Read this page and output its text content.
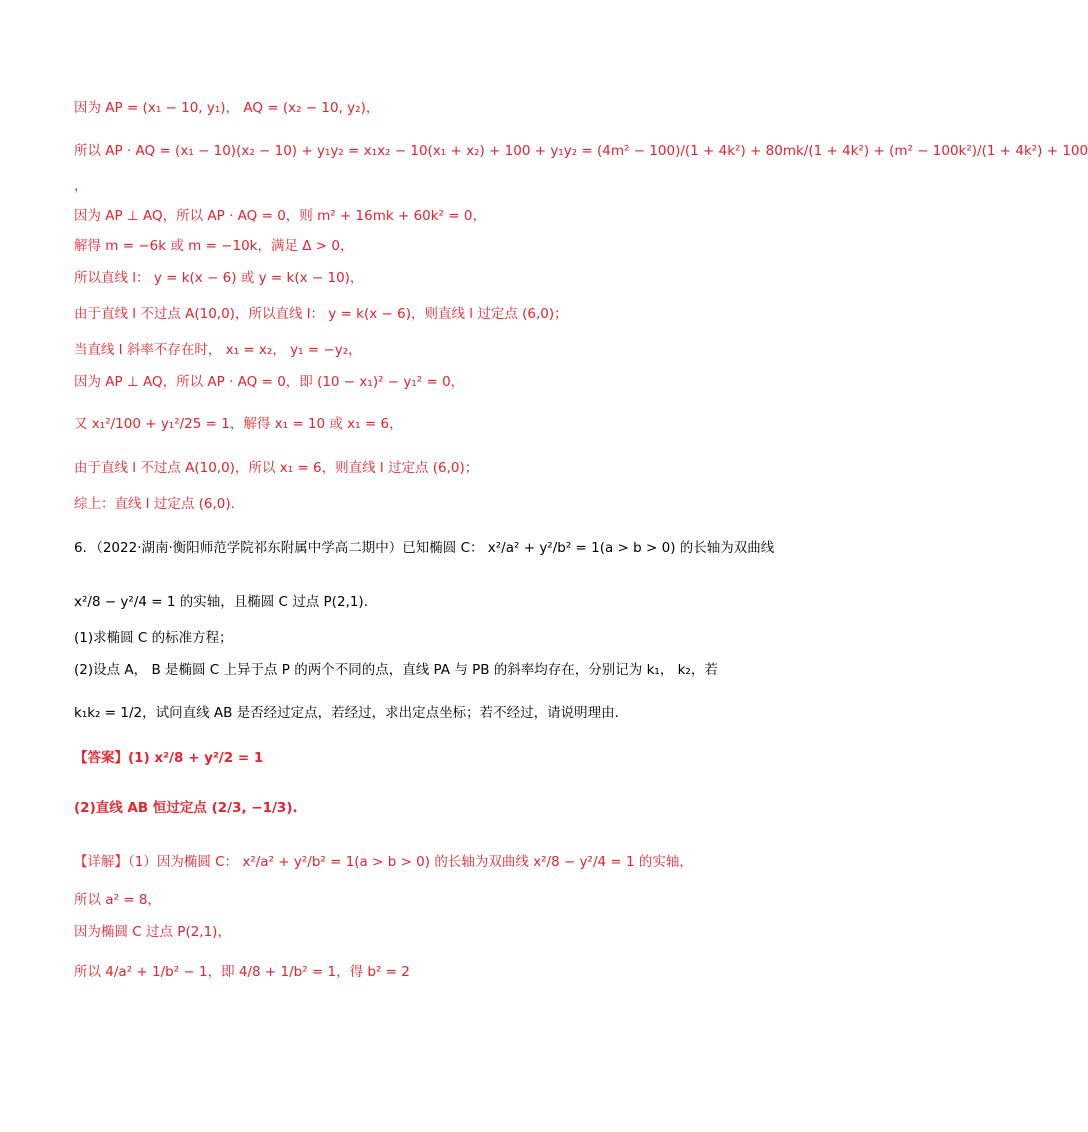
因为 AP = (x₁ − 10, y₁)， AQ = (x₂ − 10, y₂)，
所以 AP · AQ = (x₁ − 10)(x₂ − 10) + y₁y₂ = x₁x₂ − 10(x₁ + x₂) + 100 + y₁y₂ = (4m² − 100)/(1 + 4k²) + 80mk/(1 + 4k²) + (m² − 100k²)/(1 + 4k²) + 100
，
因为 AP ⊥ AQ，所以 AP · AQ = 0，则 m² + 16mk + 60k² = 0，
解得 m = −6k 或 m = −10k，满足 Δ > 0，
所以直线 l： y = k(x − 6) 或 y = k(x − 10)，
由于直线 l 不过点 A(10,0)，所以直线 l： y = k(x − 6)，则直线 l 过定点 (6,0)；
当直线 l 斜率不存在时， x₁ = x₂， y₁ = −y₂，
因为 AP ⊥ AQ，所以 AP · AQ = 0，即 (10 − x₁)² − y₁² = 0，
又 x₁²/100 + y₁²/25 = 1，解得 x₁ = 10 或 x₁ = 6，
由于直线 l 不过点 A(10,0)，所以 x₁ = 6，则直线 l 过定点 (6,0)；
综上：直线 l 过定点 (6,0).
6．（2022·湖南·衡阳师范学院祁东附属中学高二期中）已知椭圆 C： x²/a² + y²/b² = 1(a > b > 0) 的长轴为双曲线
x²/8 − y²/4 = 1 的实轴，且椭圆 C 过点 P(2,1).
(1)求椭圆 C 的标准方程；
(2)设点 A， B 是椭圆 C 上异于点 P 的两个不同的点，直线 PA 与 PB 的斜率均存在，分别记为 k₁， k₂，若
k₁k₂ = 1/2，试问直线 AB 是否经过定点，若经过，求出定点坐标；若不经过，请说明理由.
【答案】(1) x²/8 + y²/2 = 1
(2)直线 AB 恒过定点 (2/3, −1/3).
【详解】（1）因为椭圆 C： x²/a² + y²/b² = 1(a > b > 0) 的长轴为双曲线 x²/8 − y²/4 = 1 的实轴，
所以 a² = 8，
因为椭圆 C 过点 P(2,1)，
所以 4/a² + 1/b² − 1，即 4/8 + 1/b² = 1，得 b² = 2
